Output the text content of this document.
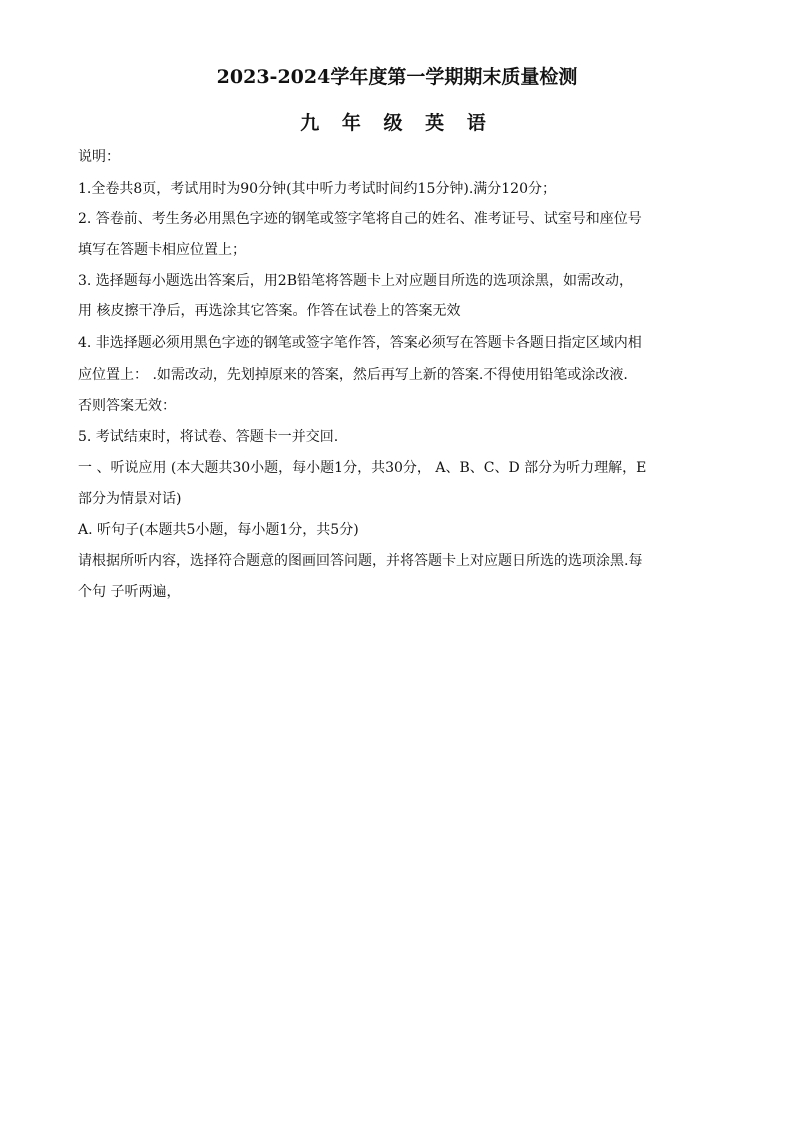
2023-2024学年度第一学期期末质量检测
九 年 级 英 语
说明：
1.全卷共8页，考试用时为90分钟(其中听力考试时间约15分钟).满分120分；
2. 答卷前、考生务必用黑色字迹的钢笔或签字笔将自己的姓名、准考证号、试室号和座位号
填写在答题卡相应位置上；
3. 选择题每小题选出答案后，用2B铅笔将答题卡上对应题目所选的选项涂黑，如需改动，
用 核皮擦干净后，再选涂其它答案。作答在试卷上的答案无效
4. 非选择题必须用黑色字迹的钢笔或签字笔作答，答案必须写在答题卡各题日指定区域内相
应位置上： .如需改动，先划掉原来的答案，然后再写上新的答案.不得使用铅笔或涂改液.
否则答案无效：
5. 考试结束时，将试卷、答题卡一并交回.
一 、听说应用 (本大题共30小题，每小题1分，共30分， A、B、C、D 部分为听力理解，E
部分为情景对话)
A. 听句子(本题共5小题，每小题1分，共5分)
请根据所听内容，选择符合题意的图画回答问题，并将答题卡上对应题日所选的选项涂黑.每
个句 子听两遍，
